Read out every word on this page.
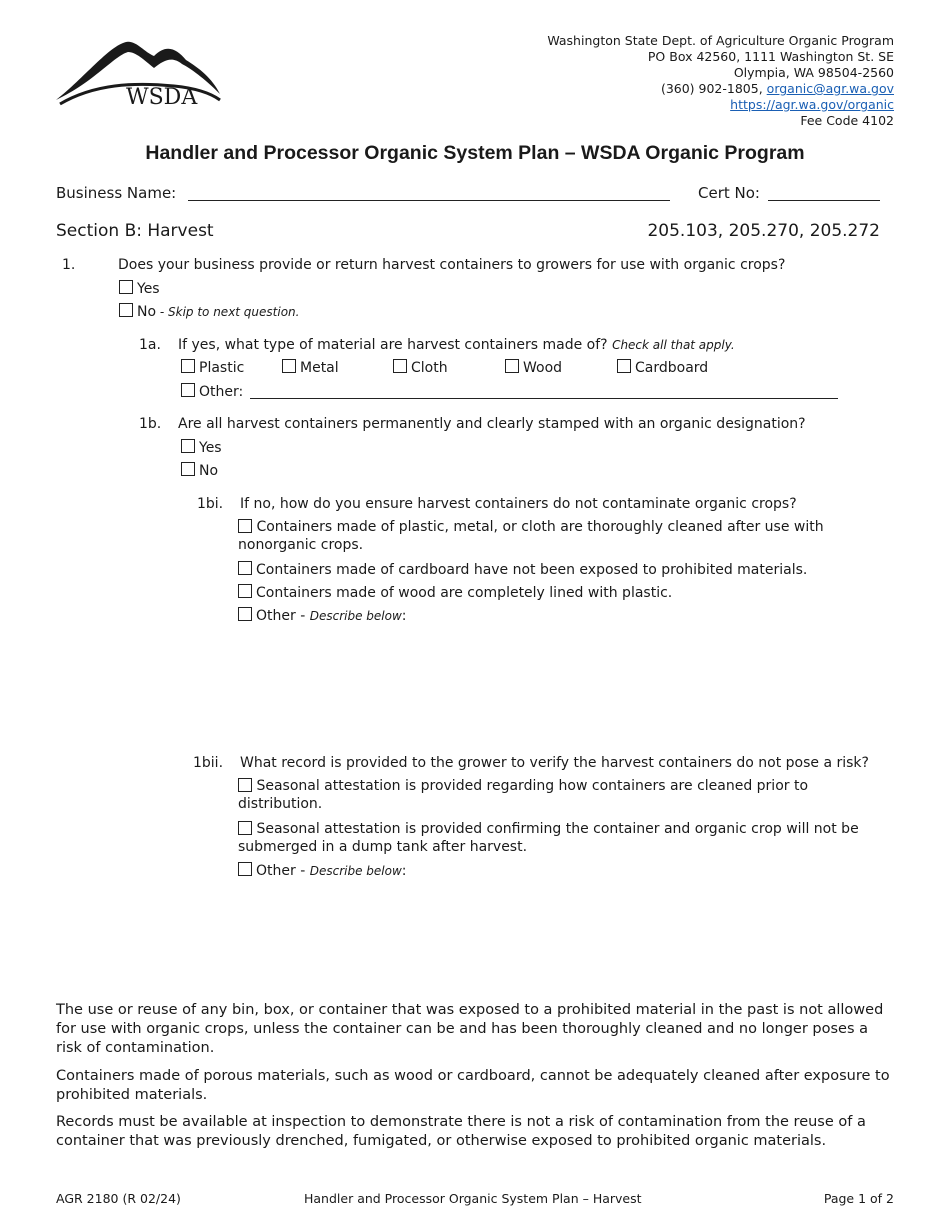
WSDA
Washington State Dept. of Agriculture Organic Program
PO Box 42560, 1111 Washington St. SE
Olympia, WA 98504-2560
(360) 902-1805, organic@agr.wa.gov
https://agr.wa.gov/organic
Fee Code 4102
Handler and Processor Organic System Plan – WSDA Organic Program
Business Name:	Cert No:
Section B: Harvest	205.103, 205.270, 205.272
1.	Does your business provide or return harvest containers to growers for use with organic crops?
Yes
No - Skip to next question.
1a. If yes, what type of material are harvest containers made of? Check all that apply.
Plastic	Metal	Cloth	Wood	Cardboard
Other:
1b. Are all harvest containers permanently and clearly stamped with an organic designation?
Yes
No
1bi. If no, how do you ensure harvest containers do not contaminate organic crops?
Containers made of plastic, metal, or cloth are thoroughly cleaned after use with nonorganic crops.
Containers made of cardboard have not been exposed to prohibited materials.
Containers made of wood are completely lined with plastic.
Other - Describe below:
1bii. What record is provided to the grower to verify the harvest containers do not pose a risk?
Seasonal attestation is provided regarding how containers are cleaned prior to distribution.
Seasonal attestation is provided confirming the container and organic crop will not be submerged in a dump tank after harvest.
Other - Describe below:
The use or reuse of any bin, box, or container that was exposed to a prohibited material in the past is not allowed for use with organic crops, unless the container can be and has been thoroughly cleaned and no longer poses a risk of contamination.
Containers made of porous materials, such as wood or cardboard, cannot be adequately cleaned after exposure to prohibited materials.
Records must be available at inspection to demonstrate there is not a risk of contamination from the reuse of a container that was previously drenched, fumigated, or otherwise exposed to prohibited organic materials.
AGR 2180 (R 02/24)	Handler and Processor Organic System Plan – Harvest	Page 1 of 2
